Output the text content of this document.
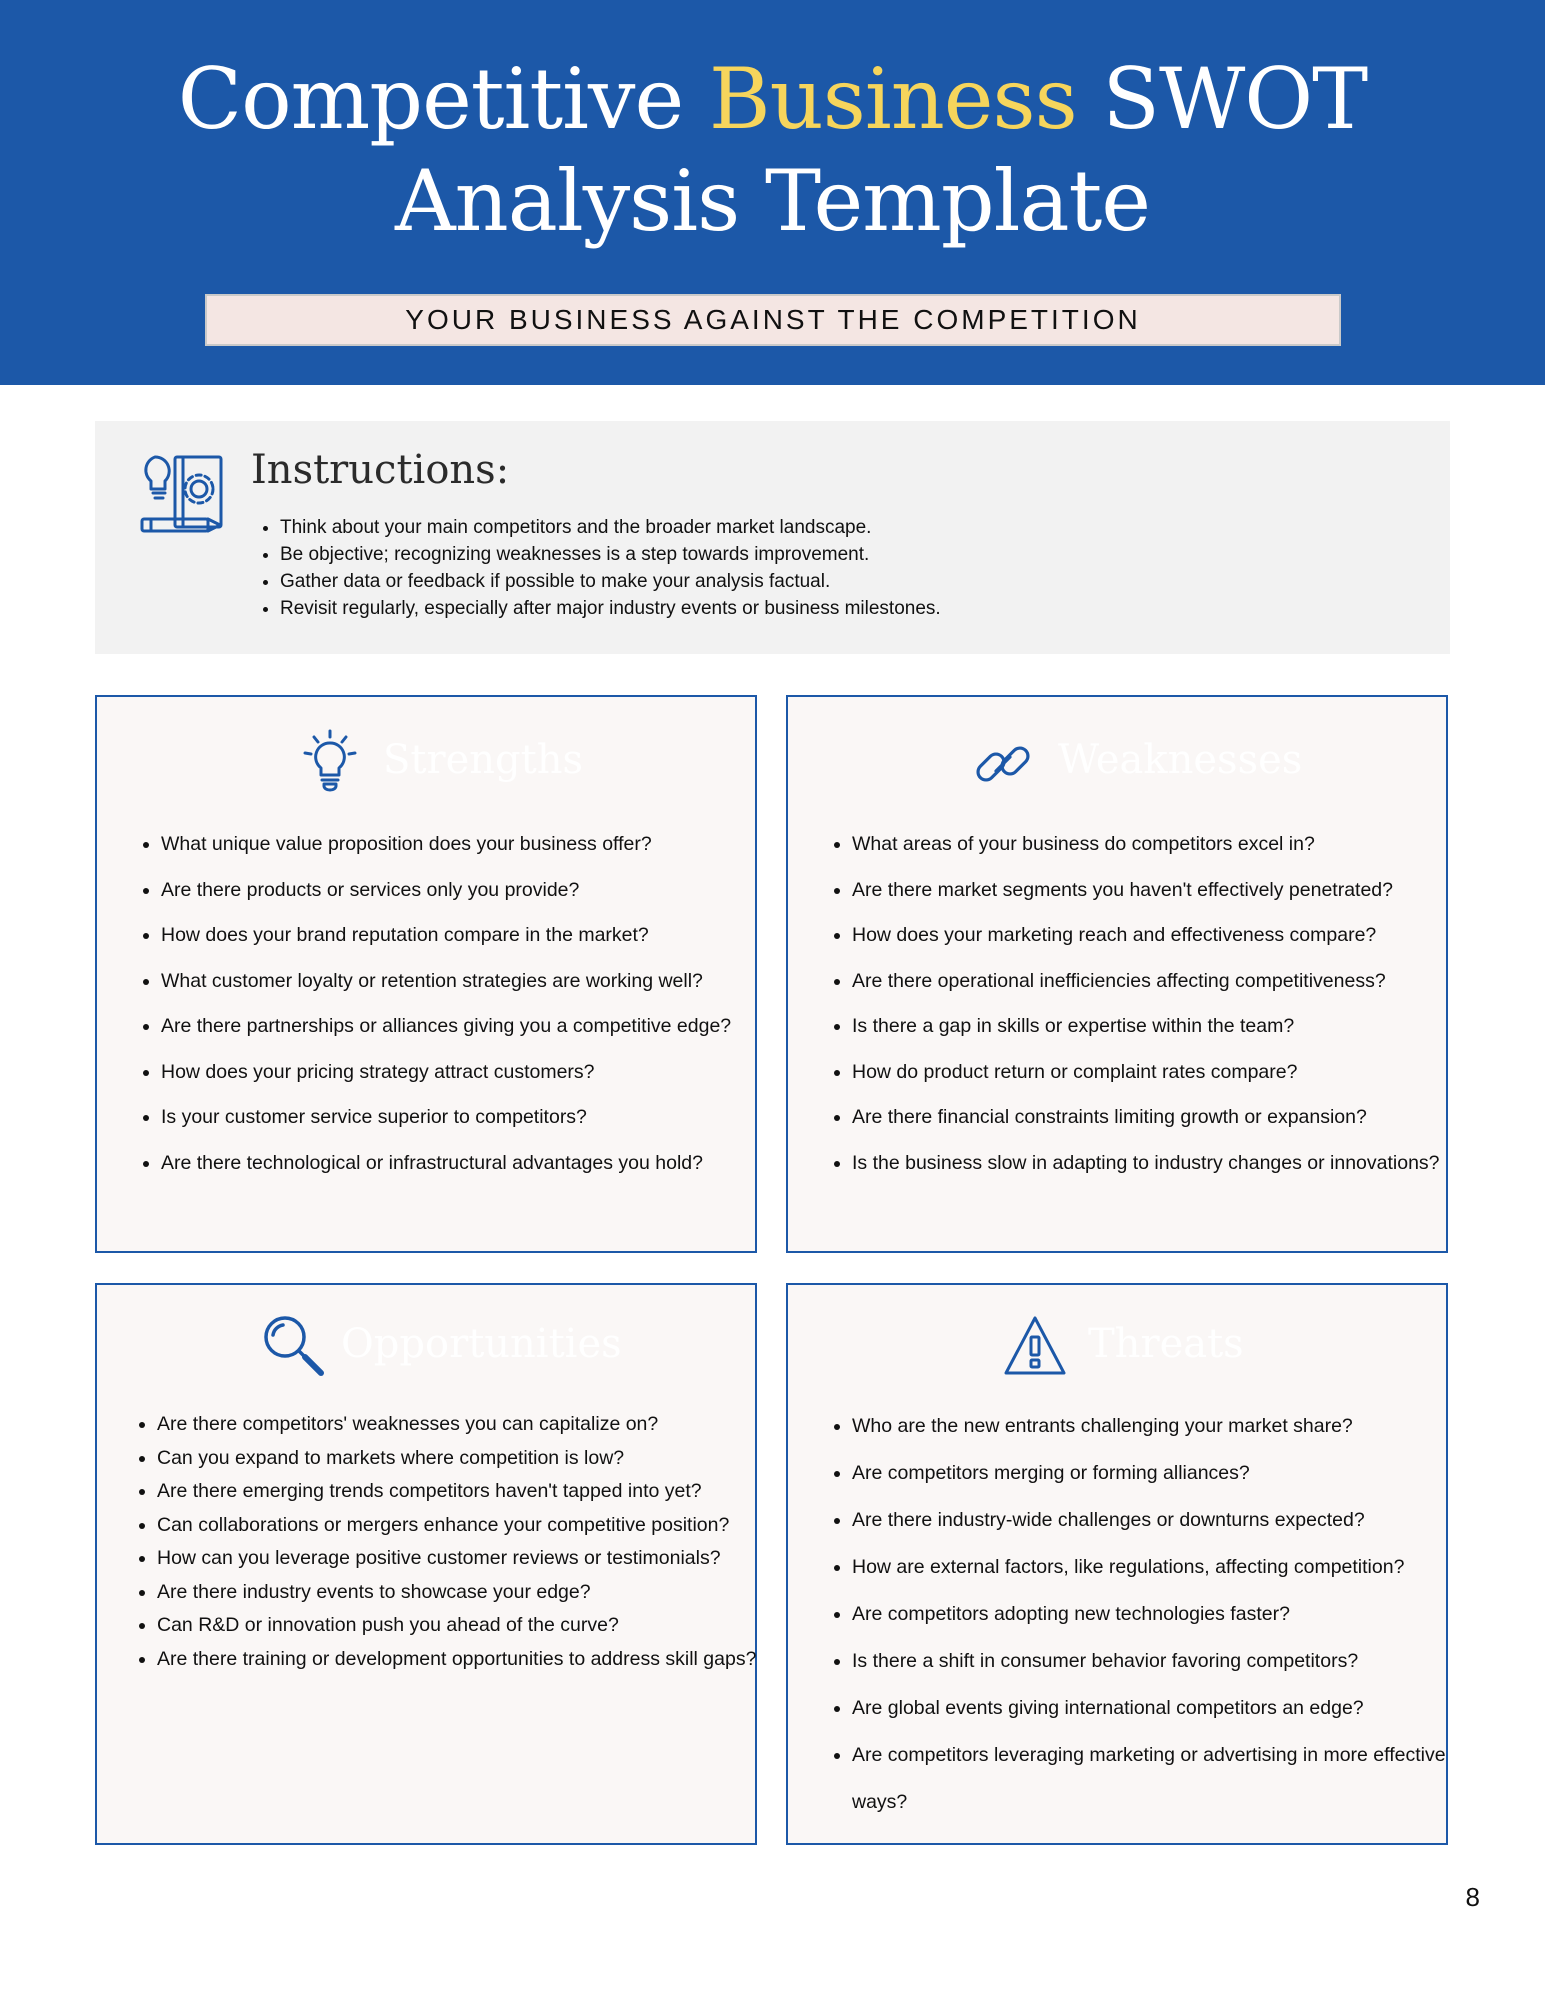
Competitive Business SWOT
Analysis Template
YOUR BUSINESS AGAINST THE COMPETITION
Instructions:
• Think about your main competitors and the broader market landscape.
• Be objective; recognizing weaknesses is a step towards improvement.
• Gather data or feedback if possible to make your analysis factual.
• Revisit regularly, especially after major industry events or business milestones.
Strengths
• What unique value proposition does your business offer?
• Are there products or services only you provide?
• How does your brand reputation compare in the market?
• What customer loyalty or retention strategies are working well?
• Are there partnerships or alliances giving you a competitive edge?
• How does your pricing strategy attract customers?
• Is your customer service superior to competitors?
• Are there technological or infrastructural advantages you hold?
Weaknesses
• What areas of your business do competitors excel in?
• Are there market segments you haven't effectively penetrated?
• How does your marketing reach and effectiveness compare?
• Are there operational inefficiencies affecting competitiveness?
• Is there a gap in skills or expertise within the team?
• How do product return or complaint rates compare?
• Are there financial constraints limiting growth or expansion?
• Is the business slow in adapting to industry changes or innovations?
Opportunities
• Are there competitors' weaknesses you can capitalize on?
• Can you expand to markets where competition is low?
• Are there emerging trends competitors haven't tapped into yet?
• Can collaborations or mergers enhance your competitive position?
• How can you leverage positive customer reviews or testimonials?
• Are there industry events to showcase your edge?
• Can R&D or innovation push you ahead of the curve?
• Are there training or development opportunities to address skill gaps?
Threats
• Who are the new entrants challenging your market share?
• Are competitors merging or forming alliances?
• Are there industry-wide challenges or downturns expected?
• How are external factors, like regulations, affecting competition?
• Are competitors adopting new technologies faster?
• Is there a shift in consumer behavior favoring competitors?
• Are global events giving international competitors an edge?
• Are competitors leveraging marketing or advertising in more effective ways?
8
